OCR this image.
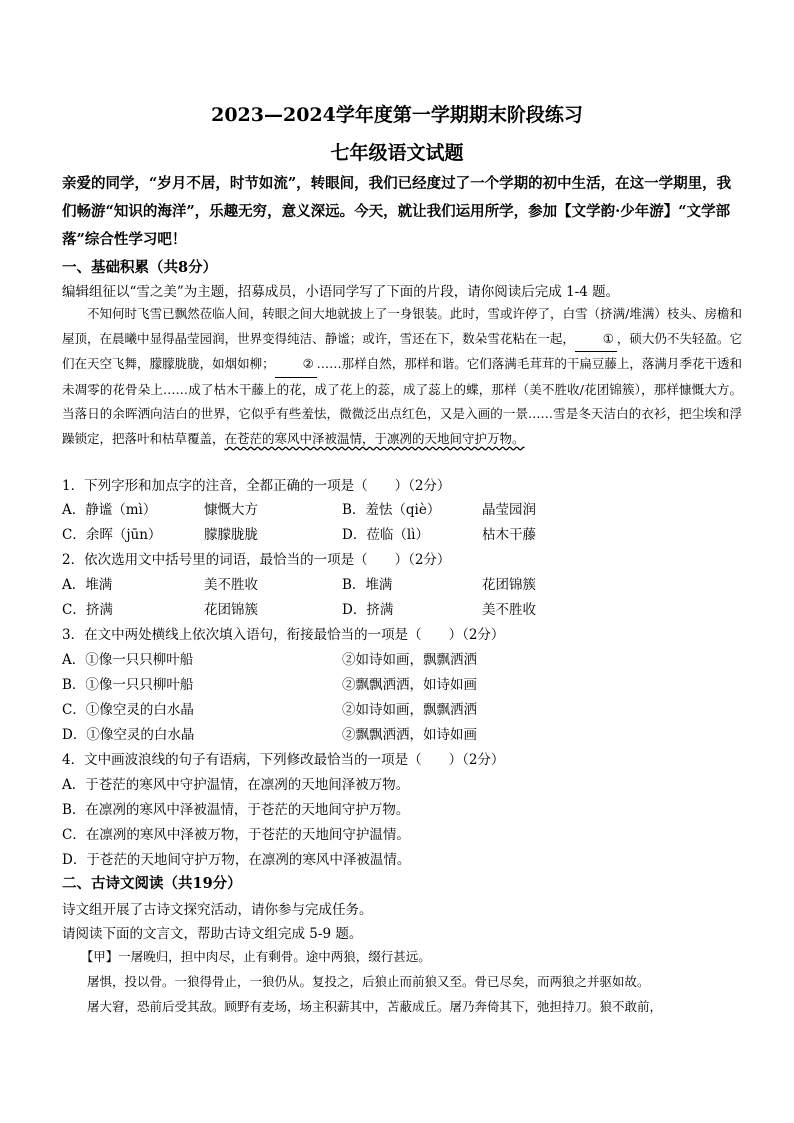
2023—2024学年度第一学期期末阶段练习
七年级语文试题
亲爱的同学，“岁月不居，时节如流”，转眼间，我们已经度过了一个学期的初中生活，在这一学期里，我们畅游“知识的海洋”，乐趣无穷，意义深远。今天，就让我们运用所学，参加【文学韵·少年游】“文学部落”综合性学习吧！
一、基础积累（共8分）
编辑组征以“雪之美”为主题，招募成员，小语同学写了下面的片段，请你阅读后完成 1-4 题。
不知何时飞雪已飘然莅临人间，转眼之间大地就披上了一身银装。此时，雪或许停了，白雪（挤满/堆满）枝头、房檐和屋顶，在晨曦中显得晶莹园润，世界变得纯洁、静谧；或许，雪还在下，数朵雪花粘在一起， ① ，硕大仍不失轻盈。它们在天空飞舞，朦朦胧胧，如烟如柳； ② ……那样自然，那样和谐。它们落满毛茸茸的干扁豆藤上，落满月季花干透和未凋零的花骨朵上……成了枯木干藤上的花，成了花上的蕊，成了蕊上的蝶，那样（美不胜收/花团锦簇），那样慷慨大方。当落日的余晖洒向洁白的世界，它似乎有些羞怯，微微泛出点红色，又是入画的一景……雪是冬天洁白的衣衫，把尘埃和浮躁锁定，把落叶和枯草覆盖，在苍茫的寒风中泽被温情，于凛冽的天地间守护万物。
1．下列字形和加点字的注音，全都正确的一项是（　　）（2分）
A．静谧（mì）	慷慨大方	B．羞怯（qiè）	晶莹园润
C．余晖（jūn）	朦朦胧胧	D．莅临（lì）	枯木干藤
2．依次选用文中括号里的词语，最恰当的一项是（　　）（2分）
A．堆满	美不胜收	B．堆满	花团锦簇
C．挤满	花团锦簇	D．挤满	美不胜收
3．在文中两处横线上依次填入语句，衔接最恰当的一项是（　　）（2分）
A．①像一只只柳叶船	②如诗如画，飘飘洒洒
B．①像一只只柳叶船	②飘飘洒洒，如诗如画
C．①像空灵的白水晶	②如诗如画，飘飘洒洒
D．①像空灵的白水晶	②飘飘洒洒，如诗如画
4．文中画波浪线的句子有语病，下列修改最恰当的一项是（　　）（2分）
A．于苍茫的寒风中守护温情，在凛冽的天地间泽被万物。
B．在凛冽的寒风中泽被温情，于苍茫的天地间守护万物。
C．在凛冽的寒风中泽被万物，于苍茫的天地间守护温情。
D．于苍茫的天地间守护万物，在凛冽的寒风中泽被温情。
二、古诗文阅读（共19分）
诗文组开展了古诗文探究活动，请你参与完成任务。
请阅读下面的文言文，帮助古诗文组完成 5-9 题。
【甲】一屠晚归，担中肉尽，止有剩骨。途中两狼，缀行甚远。
屠惧，投以骨。一狼得骨止，一狼仍从。复投之，后狼止而前狼又至。骨已尽矣，而两狼之并驱如故。
屠大窘，恐前后受其敌。顾野有麦场，场主积薪其中，苫蔽成丘。屠乃奔倚其下，弛担持刀。狼不敢前，
